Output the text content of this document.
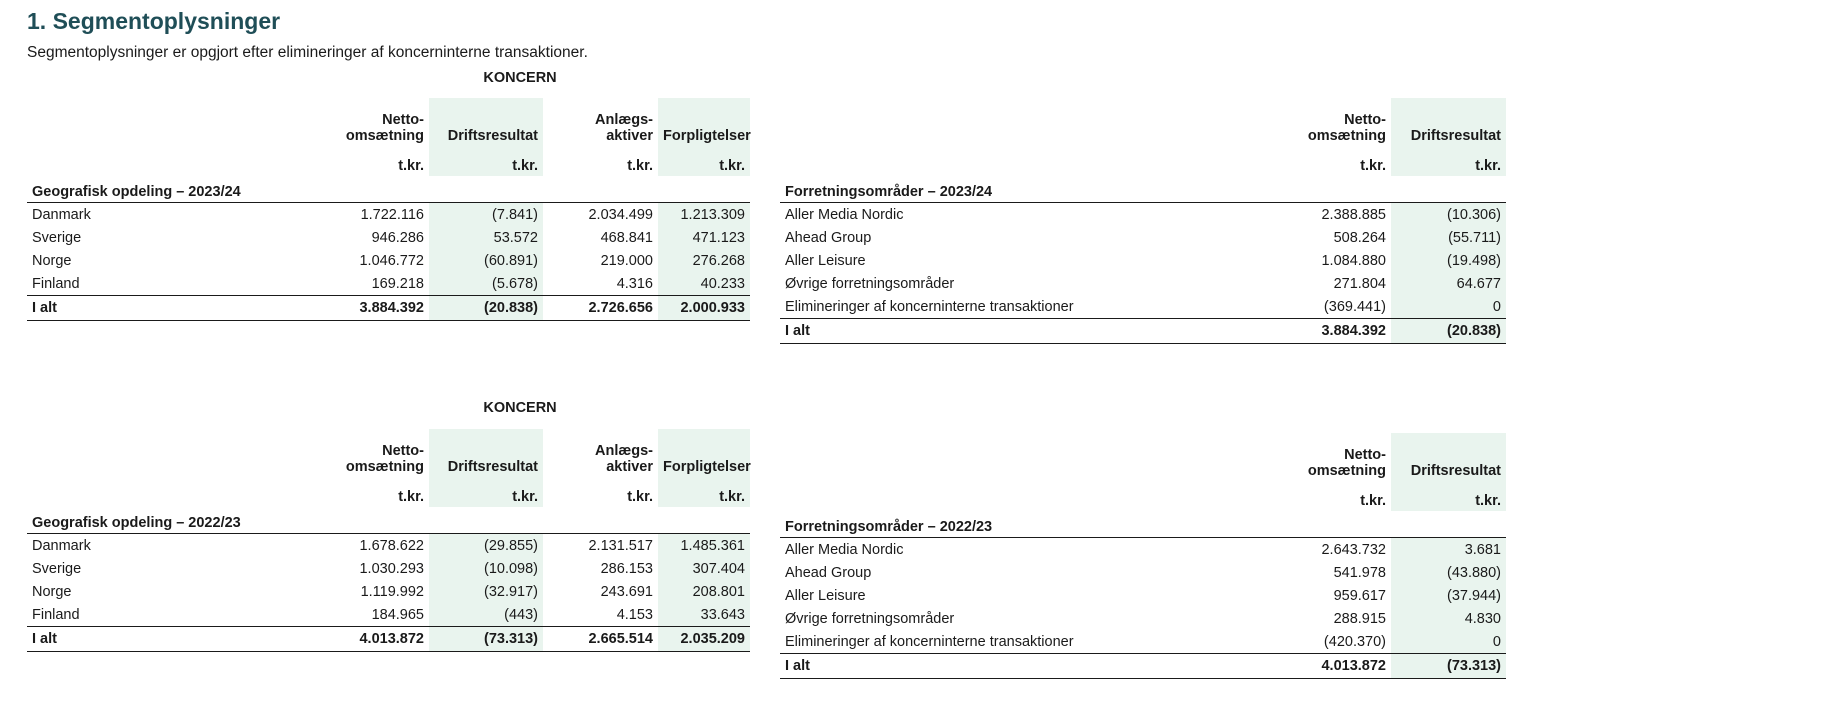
1. Segmentoplysninger

Segmentoplysninger er opgjort efter elimineringer af koncerninterne transaktioner.

KONCERN
KONCERN
	Netto-
omsætning	Driftsresultat	Anlægs-
aktiver	Forpligtelser
	t.kr.	t.kr.	t.kr.	t.kr.
Geografisk opdeling – 2023/24				
Danmark	1.722.116	(7.841)	2.034.499	1.213.309
Sverige	946.286	53.572	468.841	471.123
Norge	1.046.772	(60.891)	219.000	276.268
Finland	169.218	(5.678)	4.316	40.233
I alt	3.884.392	(20.838)	2.726.656	2.000.933
	Netto-
omsætning	Driftsresultat
	t.kr.	t.kr.
Forretningsområder – 2023/24		
Aller Media Nordic	2.388.885	(10.306)
Ahead Group	508.264	(55.711)
Aller Leisure	1.084.880	(19.498)
Øvrige forretningsområder	271.804	64.677
Elimineringer af koncerninterne transaktioner	(369.441)	0
I alt	3.884.392	(20.838)
	Netto-
omsætning	Driftsresultat	Anlægs-
aktiver	Forpligtelser
	t.kr.	t.kr.	t.kr.	t.kr.
Geografisk opdeling – 2022/23				
Danmark	1.678.622	(29.855)	2.131.517	1.485.361
Sverige	1.030.293	(10.098)	286.153	307.404
Norge	1.119.992	(32.917)	243.691	208.801
Finland	184.965	(443)	4.153	33.643
I alt	4.013.872	(73.313)	2.665.514	2.035.209
	Netto-
omsætning	Driftsresultat
	t.kr.	t.kr.
Forretningsområder – 2022/23		
Aller Media Nordic	2.643.732	3.681
Ahead Group	541.978	(43.880)
Aller Leisure	959.617	(37.944)
Øvrige forretningsområder	288.915	4.830
Elimineringer af koncerninterne transaktioner	(420.370)	0
I alt	4.013.872	(73.313)
